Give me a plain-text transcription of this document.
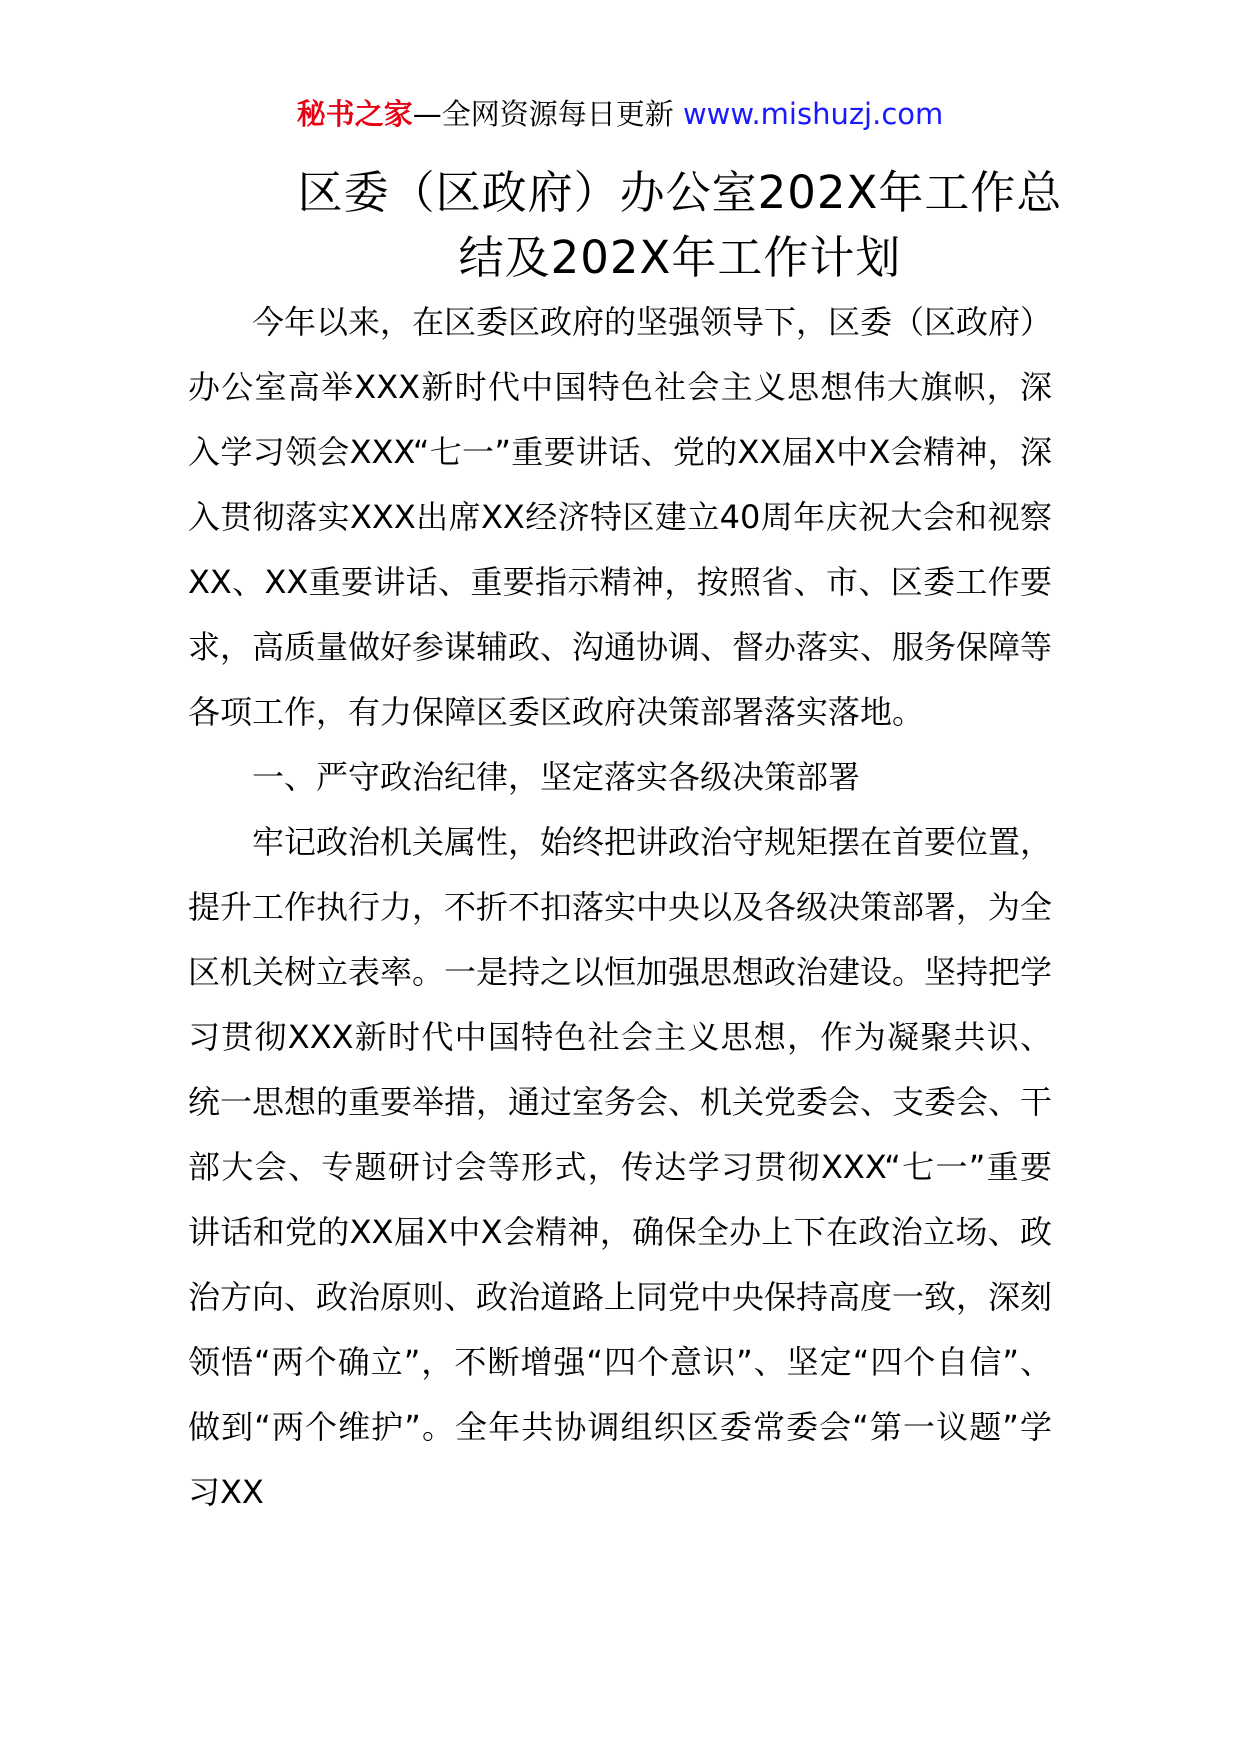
秘书之家—全网资源每日更新 www.mishuzj.com
区委（区政府）办公室202X年工作总
结及202X年工作计划

今年以来，在区委区政府的坚强领导下，区委（区政府）办公室高举XXX新时代中国特色社会主义思想伟大旗帜，深入学习领会XXX“七一”重要讲话、党的XX届X中X会精神，深入贯彻落实XXX出席XX经济特区建立40周年庆祝大会和视察XX、XX重要讲话、重要指示精神，按照省、市、区委工作要求，高质量做好参谋辅政、沟通协调、督办落实、服务保障等各项工作，有力保障区委区政府决策部署落实落地。

一、严守政治纪律，坚定落实各级决策部署

牢记政治机关属性，始终把讲政治守规矩摆在首要位置，提升工作执行力，不折不扣落实中央以及各级决策部署，为全区机关树立表率。一是持之以恒加强思想政治建设。坚持把学习贯彻XXX新时代中国特色社会主义思想，作为凝聚共识、统一思想的重要举措，通过室务会、机关党委会、支委会、干部大会、专题研讨会等形式，传达学习贯彻XXX“七一”重要讲话和党的XX届X中X会精神，确保全办上下在政治立场、政治方向、政治原则、政治道路上同党中央保持高度一致，深刻领悟“两个确立”，不断增强“四个意识”、坚定“四个自信”、做到“两个维护”。全年共协调组织区委常委会“第一议题”学习XX
